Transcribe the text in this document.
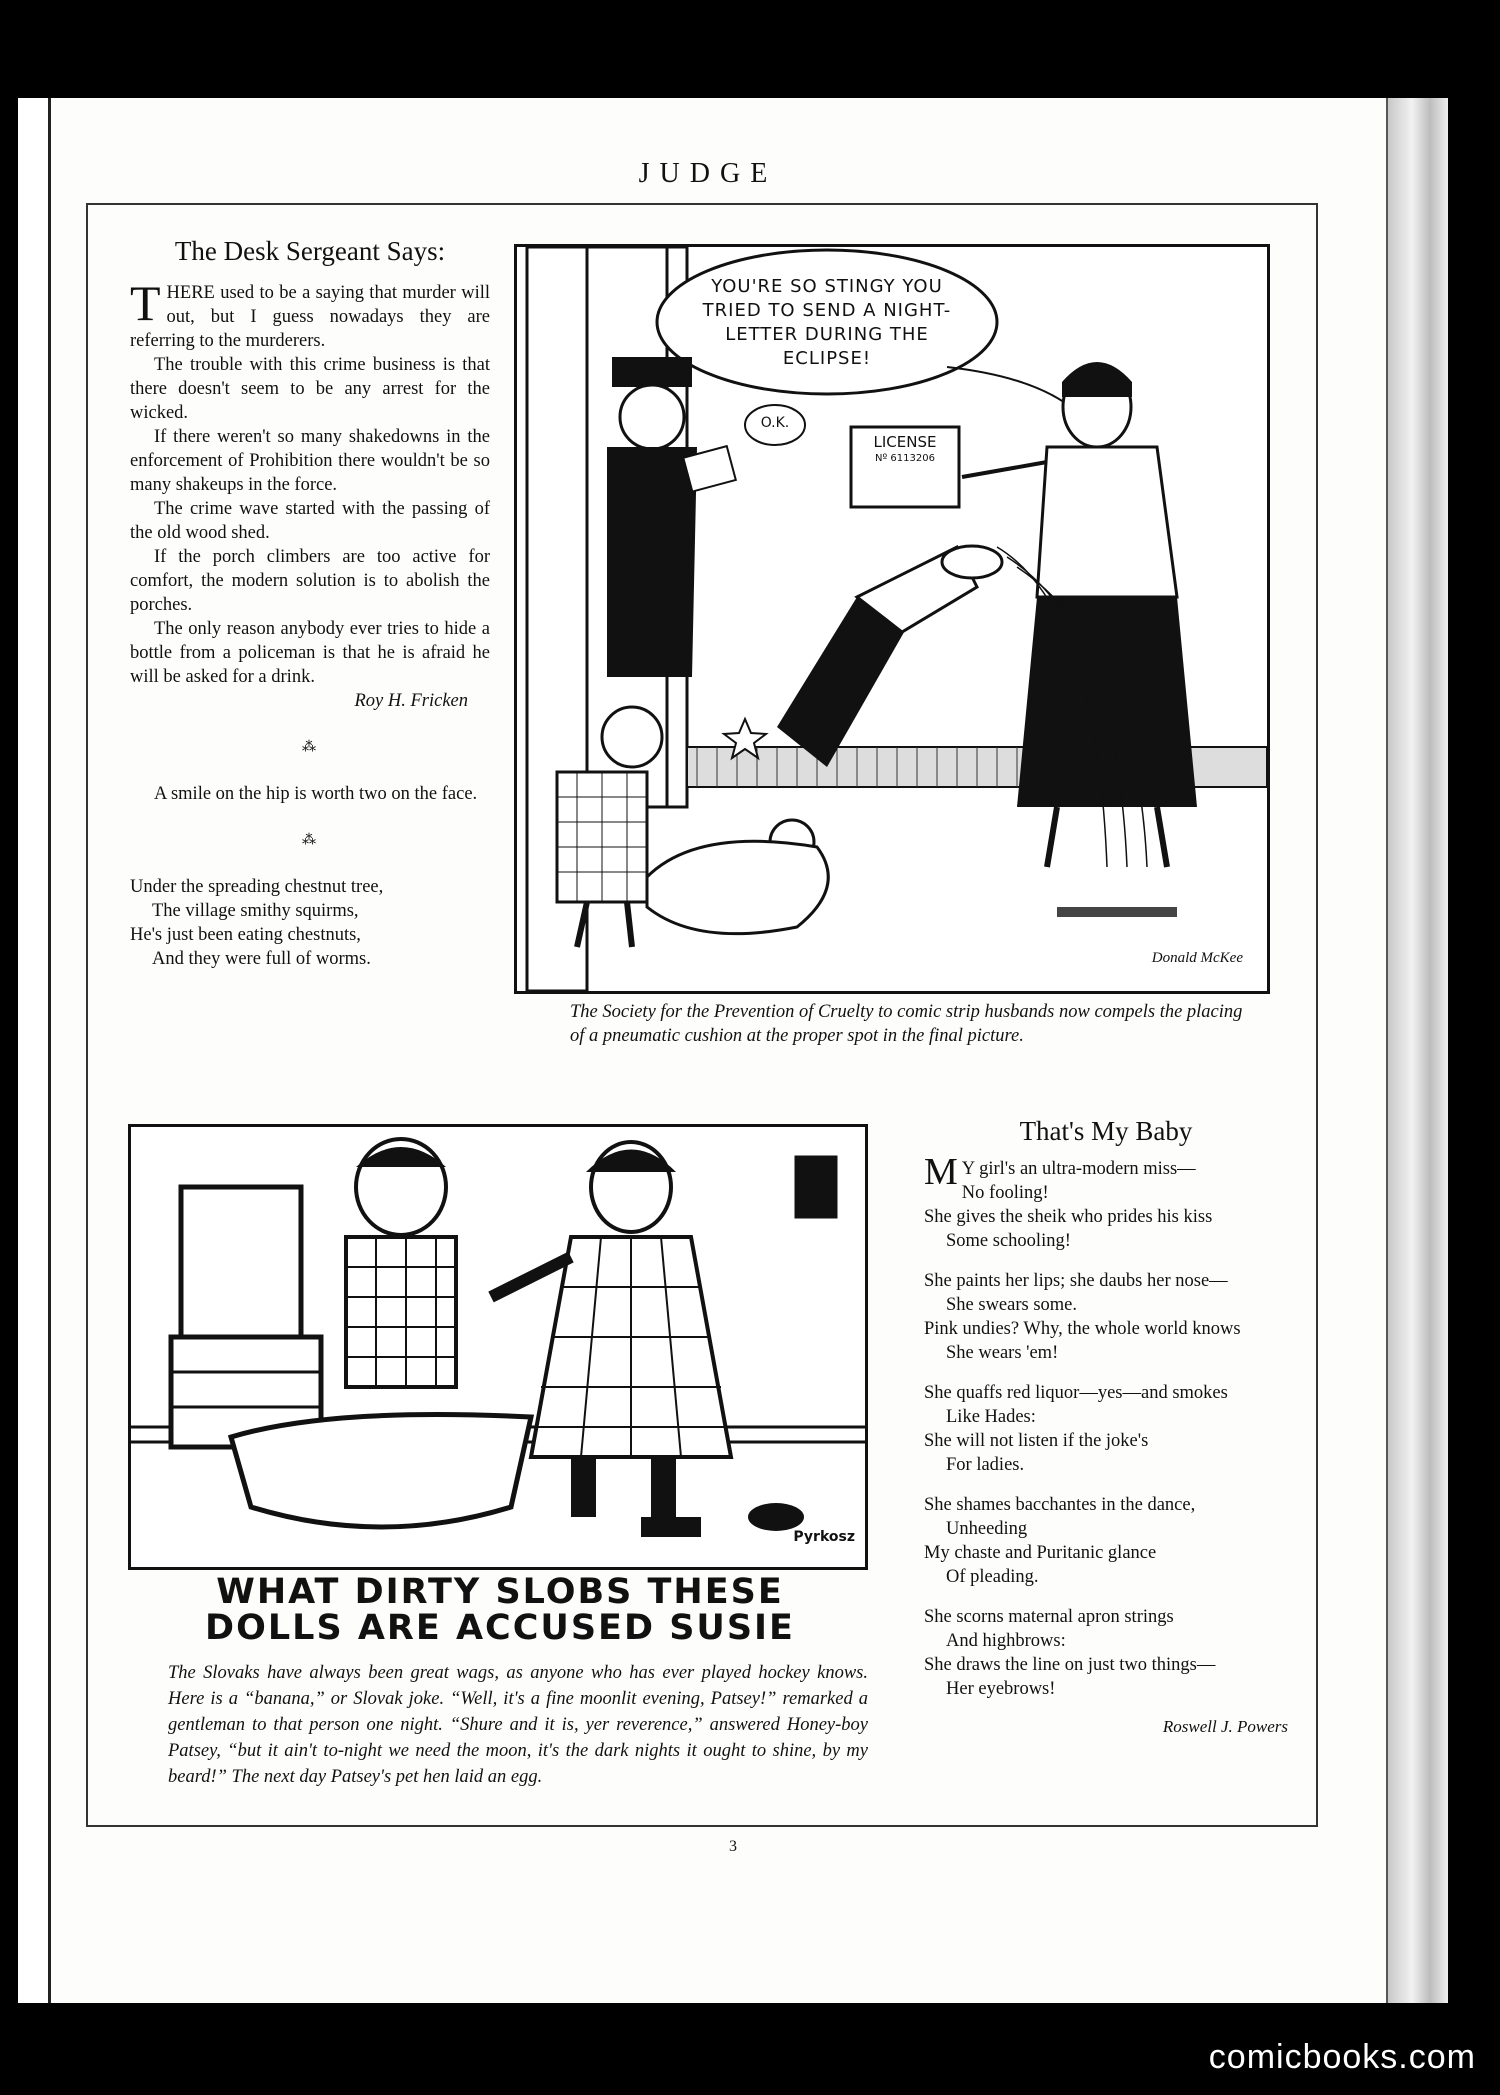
JUDGE
The Desk Sergeant Says:

THERE used to be a saying that murder will out, but I guess nowadays they are referring to the murderers.

The trouble with this crime business is that there doesn't seem to be any arrest for the wicked.

If there weren't so many shakedowns in the enforcement of Prohibition there wouldn't be so many shakeups in the force.

The crime wave started with the passing of the old wood shed.

If the porch climbers are too active for comfort, the modern solution is to abolish the porches.

The only reason anybody ever tries to hide a bottle from a policeman is that he is afraid he will be asked for a drink.

Roy H. Fricken
⁂
A smile on the hip is worth two on the face.
⁂
Under the spreading chestnut tree,
The village smithy squirms,
He's just been eating chestnuts,
And they were full of worms.
YOU'RE SO STINGY YOU TRIED TO SEND A NIGHT-LETTER DURING THE ECLIPSE!
O.K.
LICENSE
Nº 6113206
Donald McKee
The Society for the Prevention of Cruelty to comic strip husbands now compels the placing of a pneumatic cushion at the proper spot in the final picture.
Pyrkosz
WHAT DIRTY SLOBS THESE
DOLLS ARE ACCUSED SUSIE
The Slovaks have always been great wags, as anyone who has ever played hockey knows. Here is a “banana,” or Slovak joke. “Well, it's a fine moonlit evening, Patsey!” remarked a gentleman to that person one night. “Shure and it is, yer reverence,” answered Honey-boy Patsey, “but it ain't to-night we need the moon, it's the dark nights it ought to shine, by my beard!” The next day Patsey's pet hen laid an egg.
That's My Baby
M Y girl's an ultra-modern miss—
No fooling!
She gives the sheik who prides his kiss
Some schooling!
She paints her lips; she daubs her nose—
She swears some.
Pink undies? Why, the whole world knows
She wears 'em!
She quaffs red liquor—yes—and smokes
Like Hades:
She will not listen if the joke's
For ladies.
She shames bacchantes in the dance,
Unheeding
My chaste and Puritanic glance
Of pleading.
She scorns maternal apron strings
And highbrows:
She draws the line on just two things—
Her eyebrows!
Roswell J. Powers
3
comicbooks.com
